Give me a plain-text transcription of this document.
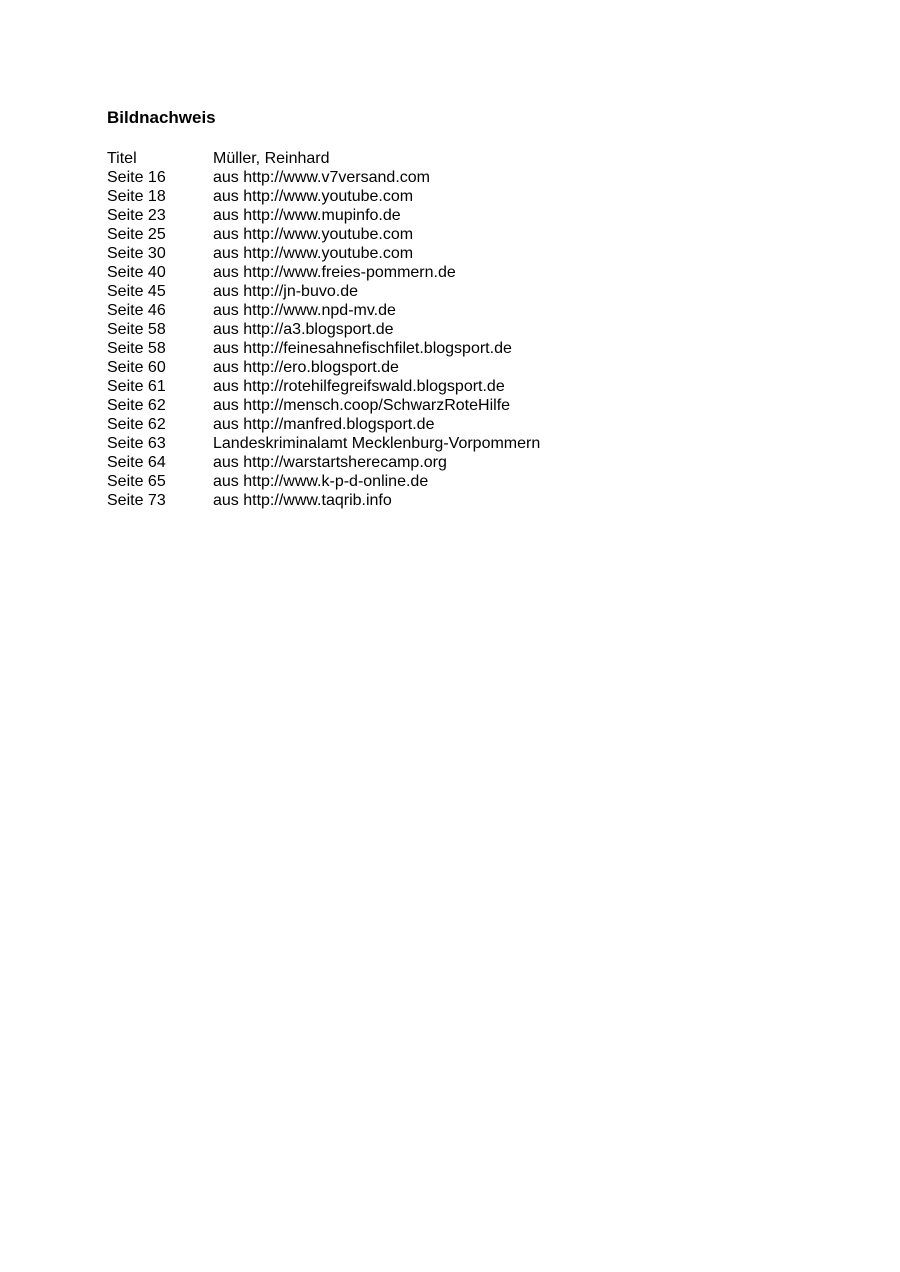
Bildnachweis
Titel	Müller, Reinhard
Seite 16	aus http://www.v7versand.com
Seite 18	aus http://www.youtube.com
Seite 23	aus http://www.mupinfo.de
Seite 25	aus http://www.youtube.com
Seite 30	aus http://www.youtube.com
Seite 40	aus http://www.freies-pommern.de
Seite 45	aus http://jn-buvo.de
Seite 46	aus http://www.npd-mv.de
Seite 58	aus http://a3.blogsport.de
Seite 58	aus http://feinesahnefischfilet.blogsport.de
Seite 60	aus http://ero.blogsport.de
Seite 61	aus http://rotehilfegreifswald.blogsport.de
Seite 62	aus http://mensch.coop/SchwarzRoteHilfe
Seite 62	aus http://manfred.blogsport.de
Seite 63	Landeskriminalamt Mecklenburg-Vorpommern
Seite 64	aus http://warstartsherecamp.org
Seite 65	aus http://www.k-p-d-online.de
Seite 73	aus http://www.taqrib.info
